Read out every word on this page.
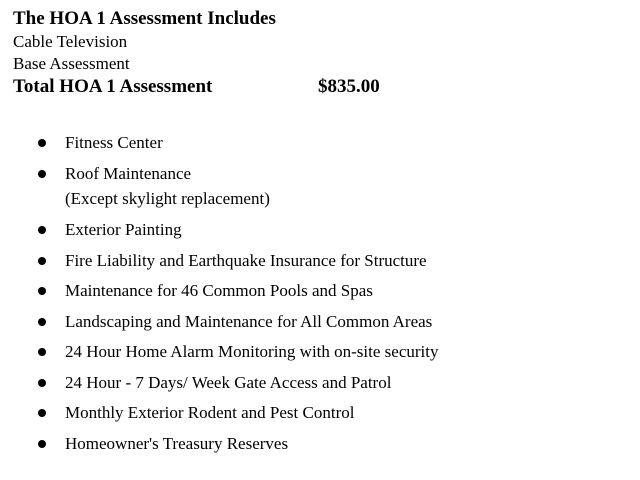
The HOA 1 Assessment Includes
Cable Television
Base Assessment
Total HOA 1 Assessment	$835.00
Fitness Center
Roof Maintenance
(Except skylight replacement)
Exterior Painting
Fire Liability and Earthquake Insurance for Structure
Maintenance for 46 Common Pools and Spas
Landscaping and Maintenance for All Common Areas
24 Hour Home Alarm Monitoring with on-site security
24 Hour - 7 Days/ Week Gate Access and Patrol
Monthly Exterior Rodent and Pest Control
Homeowner's Treasury Reserves
